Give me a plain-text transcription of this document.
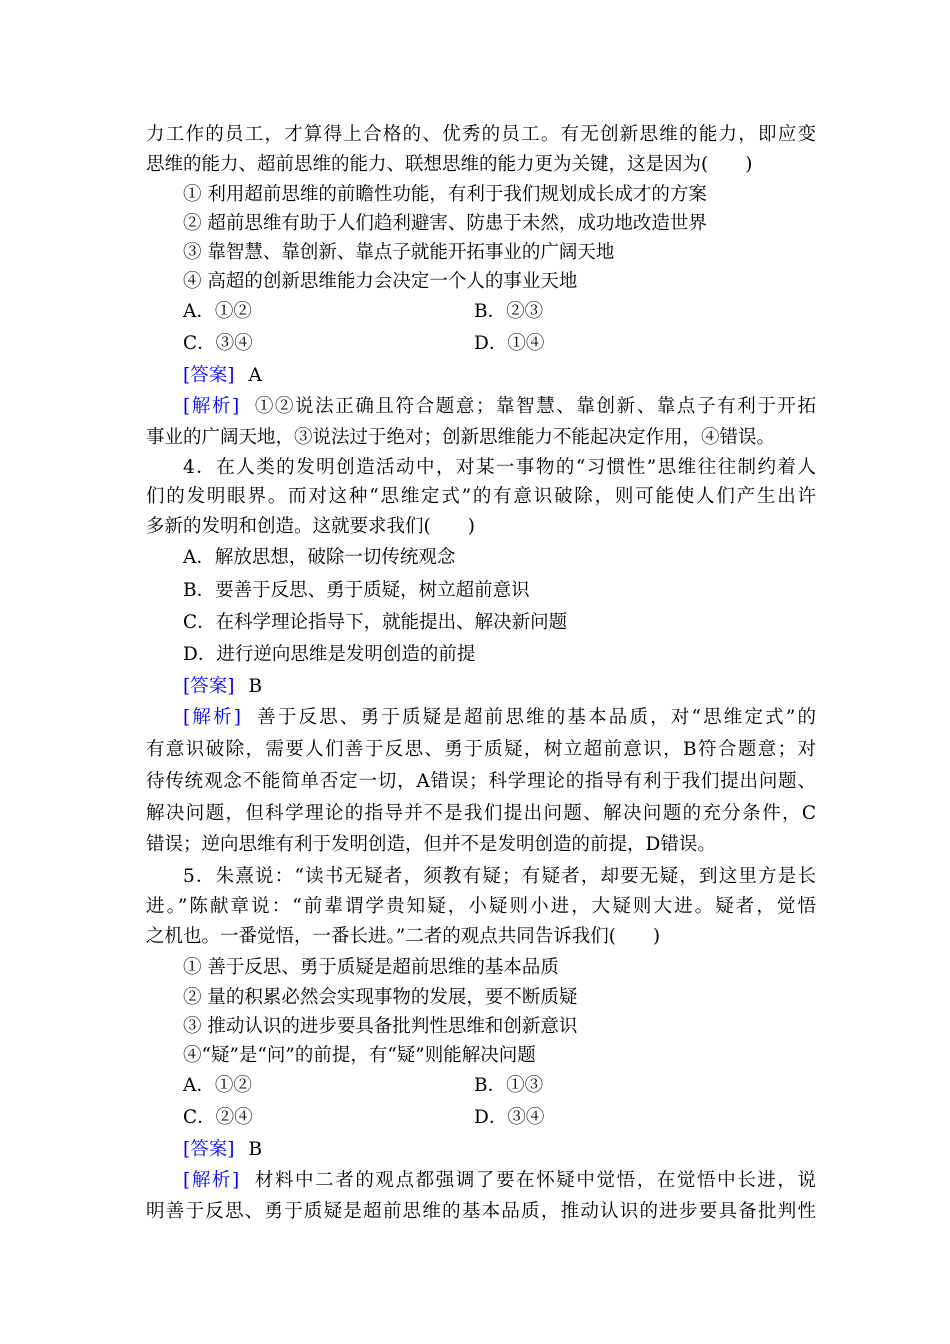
力工作的员工，才算得上合格的、优秀的员工。有无创新思维的能力，即应变
思维的能力、超前思维的能力、联想思维的能力更为关键，这是因为(　　)
① 利用超前思维的前瞻性功能，有利于我们规划成长成才的方案
② 超前思维有助于人们趋利避害、防患于未然，成功地改造世界
③ 靠智慧、靠创新、靠点子就能开拓事业的广阔天地
④ 高超的创新思维能力会决定一个人的事业天地
A．①②	B．②③
C．③④	D．①④
[答案] A
[解析] ①②说法正确且符合题意；靠智慧、靠创新、靠点子有利于开拓
事业的广阔天地，③说法过于绝对；创新思维能力不能起决定作用，④错误。
4．在人类的发明创造活动中，对某一事物的“习惯性”思维往往制约着人
们的发明眼界。而对这种“思维定式”的有意识破除，则可能使人们产生出许
多新的发明和创造。这就要求我们(　　)
A．解放思想，破除一切传统观念
B．要善于反思、勇于质疑，树立超前意识
C．在科学理论指导下，就能提出、解决新问题
D．进行逆向思维是发明创造的前提
[答案] B
[解析] 善于反思、勇于质疑是超前思维的基本品质，对“思维定式”的
有意识破除，需要人们善于反思、勇于质疑，树立超前意识，B符合题意；对
待传统观念不能简单否定一切，A错误；科学理论的指导有利于我们提出问题、
解决问题，但科学理论的指导并不是我们提出问题、解决问题的充分条件，C
错误；逆向思维有利于发明创造，但并不是发明创造的前提，D错误。
5．朱熹说：“读书无疑者，须教有疑；有疑者，却要无疑，到这里方是长
进。”陈献章说：“前辈谓学贵知疑，小疑则小进，大疑则大进。疑者，觉悟
之机也。一番觉悟，一番长进。”二者的观点共同告诉我们(　　)
① 善于反思、勇于质疑是超前思维的基本品质
② 量的积累必然会实现事物的发展，要不断质疑
③ 推动认识的进步要具备批判性思维和创新意识
④“疑”是“问”的前提，有“疑”则能解决问题
A．①②	B．①③
C．②④	D．③④
[答案] B
[解析] 材料中二者的观点都强调了要在怀疑中觉悟，在觉悟中长进，说
明善于反思、勇于质疑是超前思维的基本品质，推动认识的进步要具备批判性
